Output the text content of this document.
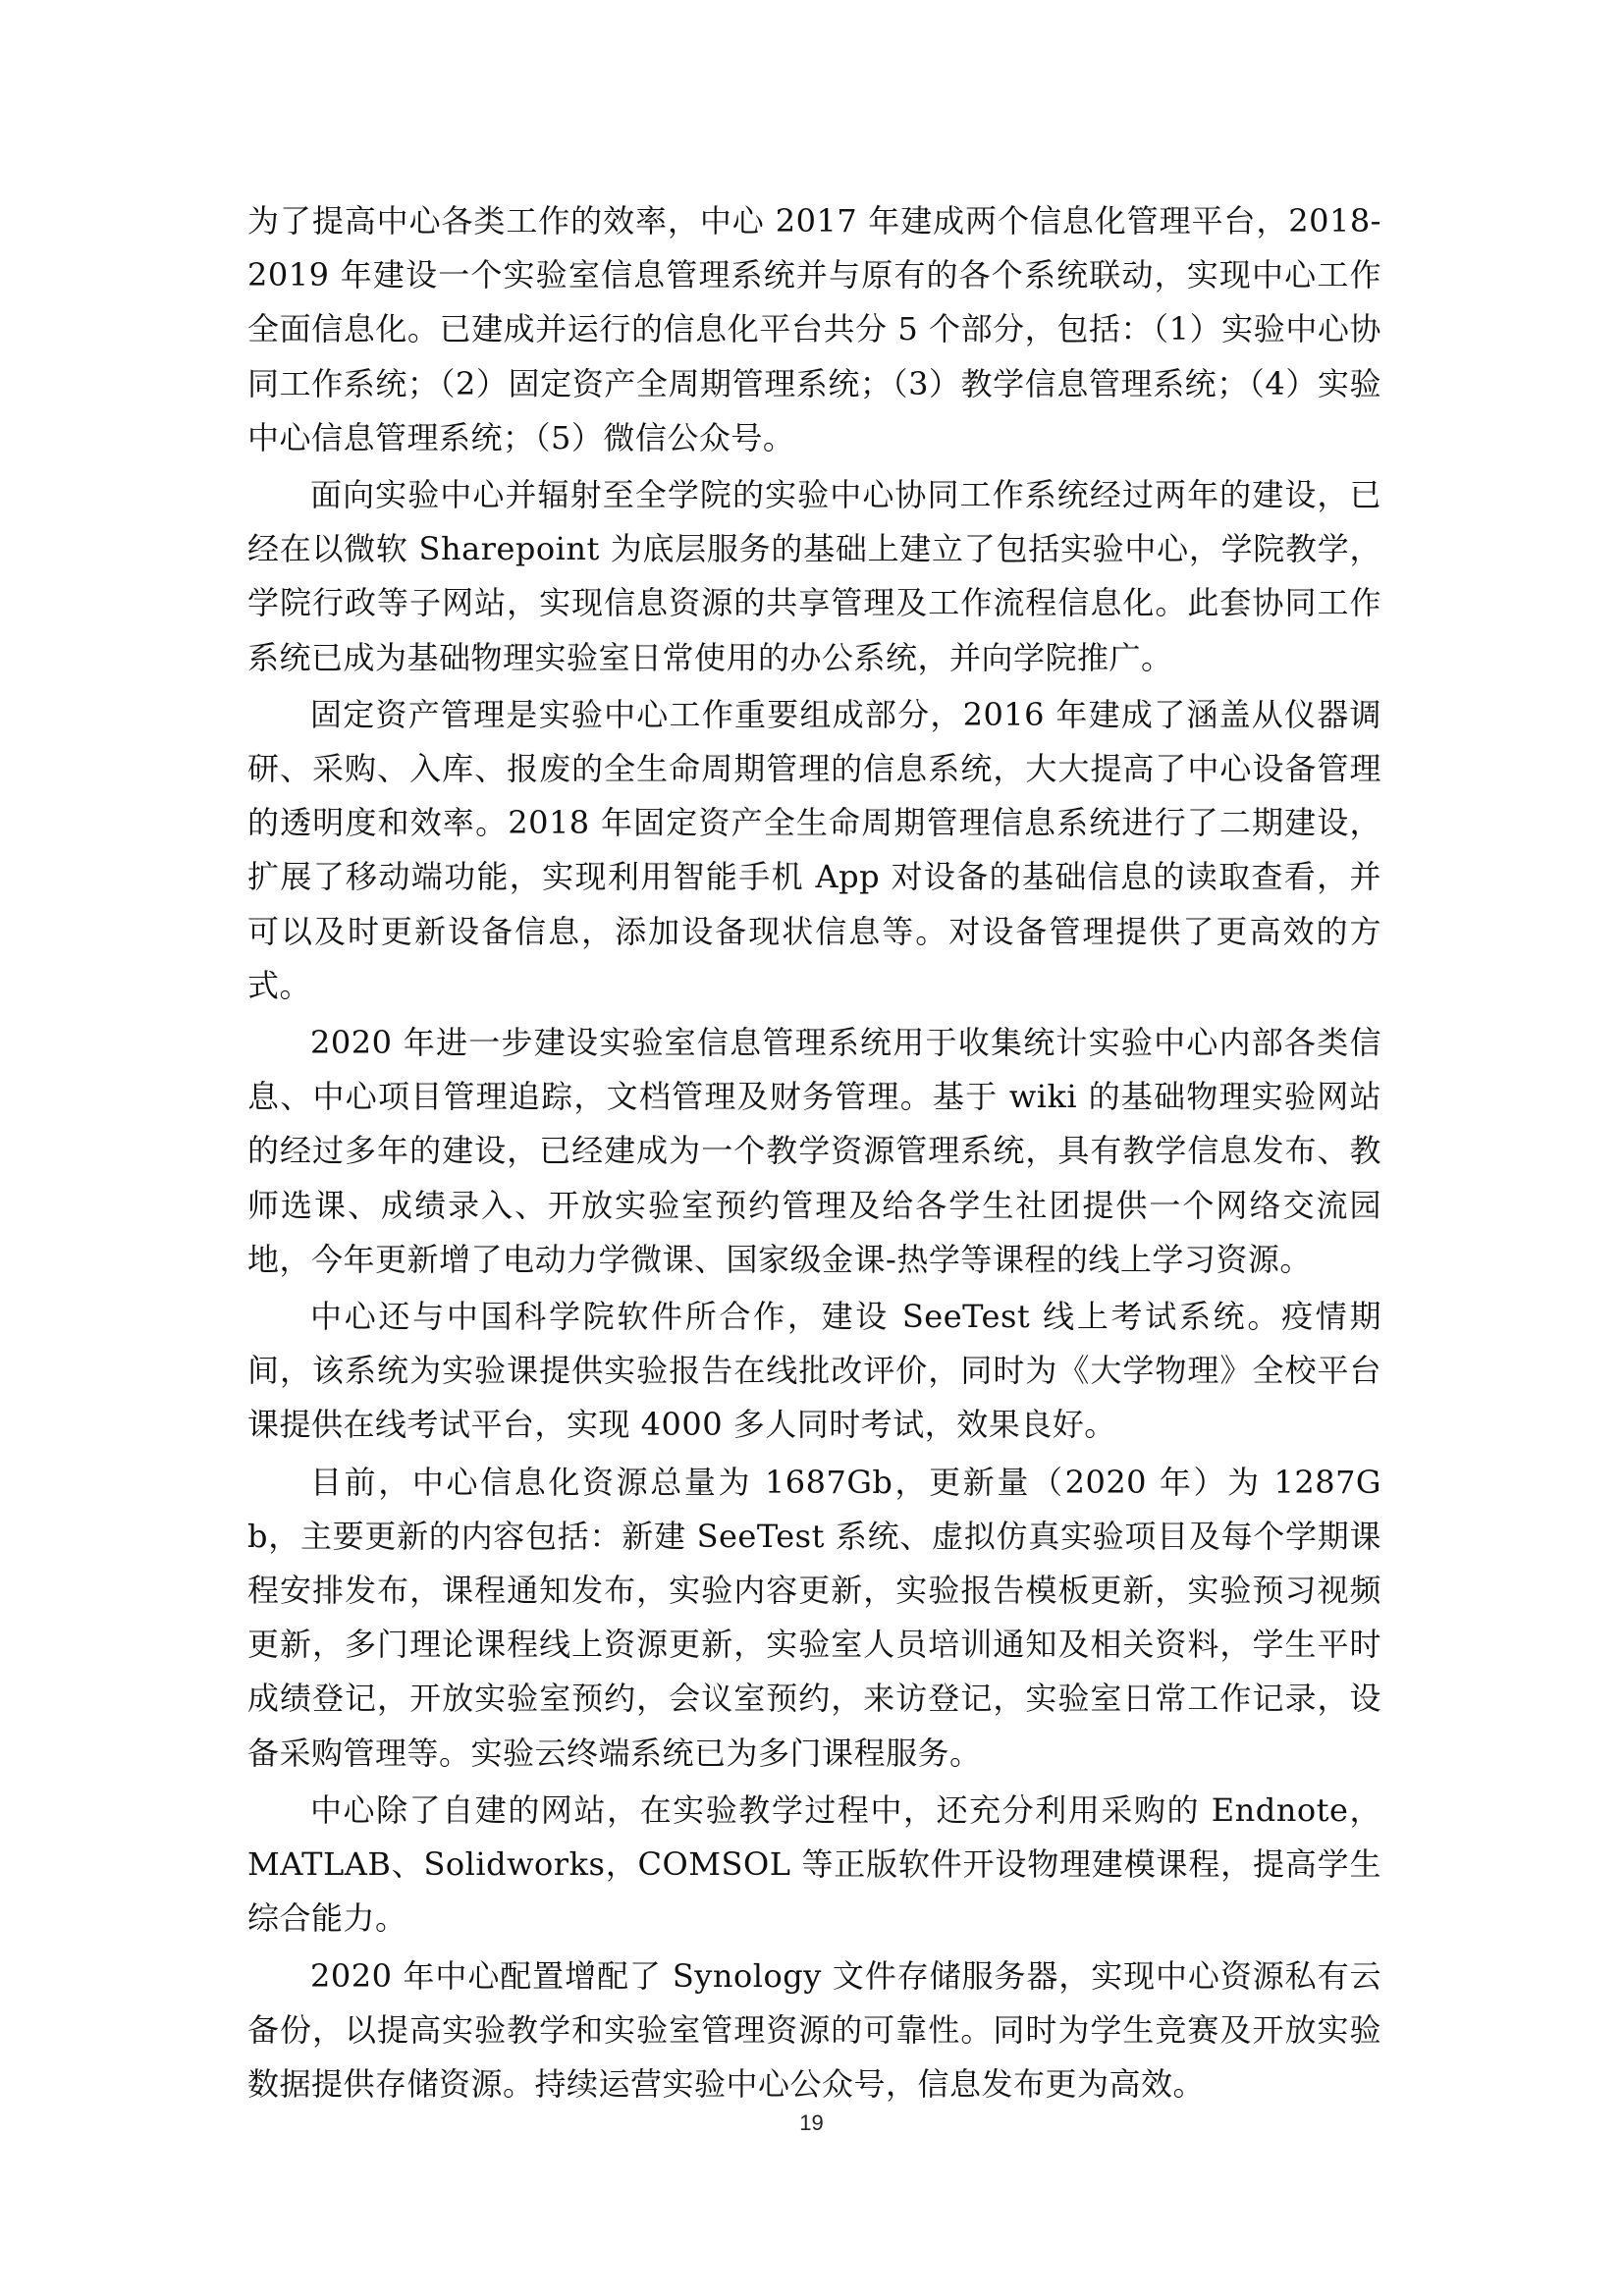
为了提高中心各类工作的效率，中心 2017 年建成两个信息化管理平台，2018-2019 年建设一个实验室信息管理系统并与原有的各个系统联动，实现中心工作全面信息化。已建成并运行的信息化平台共分 5 个部分，包括：（1）实验中心协同工作系统；（2）固定资产全周期管理系统；（3）教学信息管理系统；（4）实验中心信息管理系统；（5）微信公众号。

面向实验中心并辐射至全学院的实验中心协同工作系统经过两年的建设，已经在以微软 Sharepoint 为底层服务的基础上建立了包括实验中心，学院教学，学院行政等子网站，实现信息资源的共享管理及工作流程信息化。此套协同工作系统已成为基础物理实验室日常使用的办公系统，并向学院推广。

固定资产管理是实验中心工作重要组成部分，2016 年建成了涵盖从仪器调研、采购、入库、报废的全生命周期管理的信息系统，大大提高了中心设备管理的透明度和效率。2018 年固定资产全生命周期管理信息系统进行了二期建设，扩展了移动端功能，实现利用智能手机 App 对设备的基础信息的读取查看，并可以及时更新设备信息，添加设备现状信息等。对设备管理提供了更高效的方式。

2020 年进一步建设实验室信息管理系统用于收集统计实验中心内部各类信息、中心项目管理追踪，文档管理及财务管理。基于 wiki 的基础物理实验网站的经过多年的建设，已经建成为一个教学资源管理系统，具有教学信息发布、教师选课、成绩录入、开放实验室预约管理及给各学生社团提供一个网络交流园地，今年更新增了电动力学微课、国家级金课-热学等课程的线上学习资源。

中心还与中国科学院软件所合作，建设 SeeTest 线上考试系统。疫情期间，该系统为实验课提供实验报告在线批改评价，同时为《大学物理》全校平台课提供在线考试平台，实现 4000 多人同时考试，效果良好。

目前，中心信息化资源总量为 1687Gb，更新量（2020 年）为 1287Gb，主要更新的内容包括：新建 SeeTest 系统、虚拟仿真实验项目及每个学期课程安排发布，课程通知发布，实验内容更新，实验报告模板更新，实验预习视频更新，多门理论课程线上资源更新，实验室人员培训通知及相关资料，学生平时成绩登记，开放实验室预约，会议室预约，来访登记，实验室日常工作记录，设备采购管理等。实验云终端系统已为多门课程服务。

中心除了自建的网站，在实验教学过程中，还充分利用采购的 Endnote，MATLAB、Solidworks，COMSOL 等正版软件开设物理建模课程，提高学生综合能力。

2020 年中心配置增配了 Synology 文件存储服务器，实现中心资源私有云备份，以提高实验教学和实验室管理资源的可靠性。同时为学生竞赛及开放实验数据提供存储资源。持续运营实验中心公众号，信息发布更为高效。

19
